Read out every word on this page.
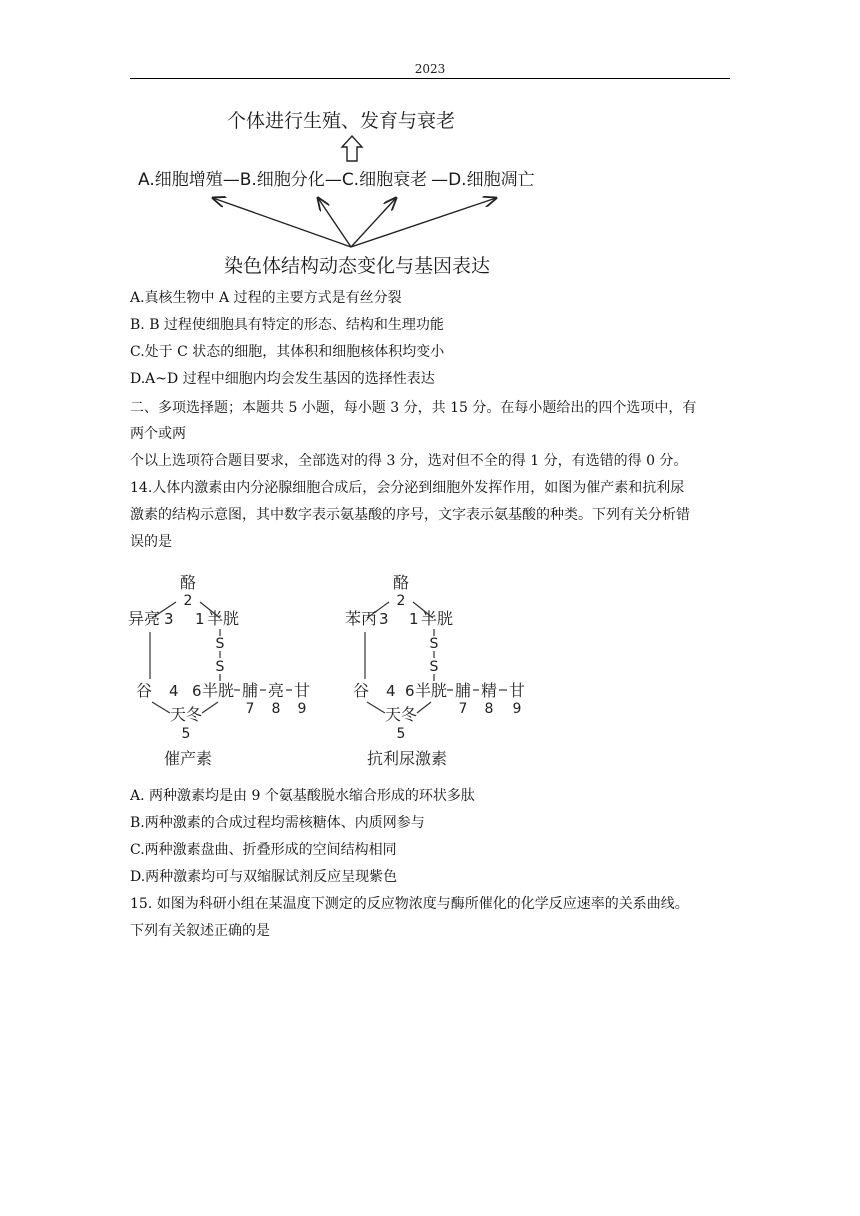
2023
个体进行生殖、发育与衰老
A.细胞增殖—B.细胞分化—C.细胞衰老 —D.细胞凋亡
染色体结构动态变化与基因表达
A.真核生物中 A 过程的主要方式是有丝分裂
B. B 过程使细胞具有特定的形态、结构和生理功能
C.处于 C 状态的细胞，其体积和细胞核体积均变小
D.A~D 过程中细胞内均会发生基因的选择性表达
二、多项选择题；本题共 5 小题，每小题 3 分，共 15 分。在每小题给出的四个选项中，有
两个或两
个以上选项符合题目要求，全部选对的得 3 分，选对但不全的得 1 分，有选错的得 0 分。
14.人体内激素由内分泌腺细胞合成后，会分泌到细胞外发挥作用，如图为催产素和抗利尿
激素的结构示意图，其中数字表示氨基酸的序号，文字表示氨基酸的种类。下列有关分析错
误的是
酪
2
异亮 3 1 半胱
S
S
谷 4 6 半胱 脯 亮 甘
7 8 9
天冬
5
催产素
酪
2
苯丙 3 1 半胱
S
S
谷 4 6 半胱 脯 精 甘
7 8 9
天冬
5
抗利尿激素
A. 两种激素均是由 9 个氨基酸脱水缩合形成的环状多肽
B.两种激素的合成过程均需核糖体、内质网参与
C.两种激素盘曲、折叠形成的空间结构相同
D.两种激素均可与双缩脲试剂反应呈现紫色
15. 如图为科研小组在某温度下测定的反应物浓度与酶所催化的化学反应速率的关系曲线。
下列有关叙述正确的是
